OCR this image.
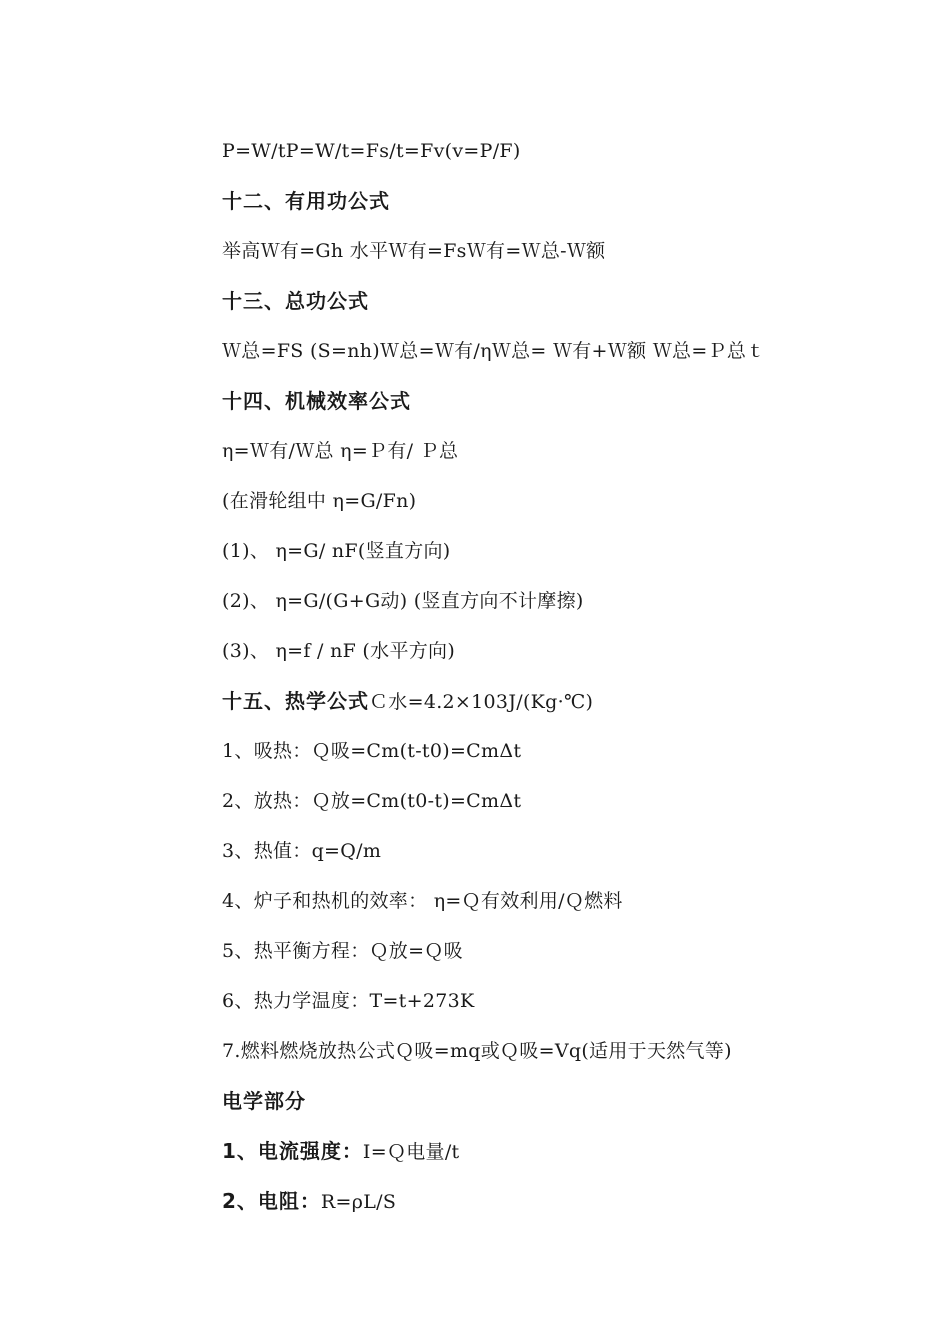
P=W/tP=W/t=Fs/t=Fv(v=P/F)
十二、有用功公式
举高Ｗ有=Gh 水平Ｗ有=FsＷ有=Ｗ总-Ｗ额
十三、总功公式
Ｗ总=FS (S=nh)Ｗ总=Ｗ有/ηＷ总= Ｗ有+Ｗ额 Ｗ总=Ｐ总ｔ
十四、机械效率公式
η=Ｗ有/Ｗ总 η=Ｐ有/ Ｐ总
(在滑轮组中 η=G/Fn)
(1)、 η=G/ nF(竖直方向)
(2)、 η=G/(G+G动) (竖直方向不计摩擦)
(3)、 η=f / nF (水平方向)
十五、热学公式Ｃ水=4.2×103J/(Kg·℃)
1、吸热：Ｑ吸=Cm(t-t0)=CmΔt
2、放热：Ｑ放=Cm(t0-t)=CmΔt
3、热值：q=Q/m
4、炉子和热机的效率： η=Ｑ有效利用/Ｑ燃料
5、热平衡方程：Ｑ放=Ｑ吸
6、热力学温度：T=t+273K
7.燃料燃烧放热公式Ｑ吸=mq或Ｑ吸=Vq(适用于天然气等)
电学部分
1、电流强度：I=Ｑ电量/t
2、电阻：R=ρL/S
